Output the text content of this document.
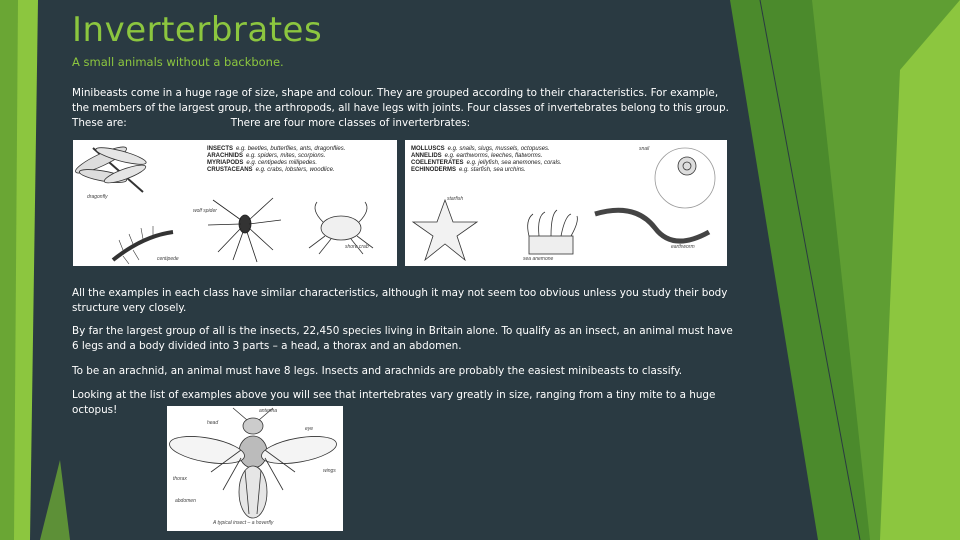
Inverterbrates
A small animals without a backbone.
Minibeasts come in a huge rage of size, shape and colour. They are grouped according to their characteristics. For example, the members of the largest group, the arthropods, all have legs with joints. Four classes of invertebrates belong to this group. These are:	There are four more classes of inverterbrates:
INSECTS e.g. beetles, butterflies, ants, dragonflies.
ARACHNIDS e.g. spiders, mites, scorpions.
MYRIAPODS e.g. centipedes millipedes.
CRUSTACEANS e.g. crabs, lobsters, woodlice.
dragonfly
wolf spider
shore crab
centipede
MOLLUSCS e.g. snails, slugs, mussels, octopuses.
ANNELIDS e.g. earthworms, leeches, flatworms.
COELENTERATES e.g. jellyfish, sea anemones, corals.
ECHINODERMS e.g. starfish, sea urchins.
snail
starfish
sea anemone
earthworm
All the examples in each class have similar characteristics, although it may not seem too obvious unless you study their body structure very closely.
By far the largest group of all is the insects, 22,450 species living in Britain alone. To qualify as an insect, an animal must have 6 legs and a body divided into 3 parts – a head, a thorax and an abdomen.
To be an arachnid, an animal must have 8 legs. Insects and arachnids are probably the easiest minibeasts to classify.
Looking at the list of examples above you will see that intertebrates vary greatly in size, ranging from a tiny mite to a huge octopus!
head
antenna
eye
wings
thorax
abdomen
A typical insect – a hoverfly
